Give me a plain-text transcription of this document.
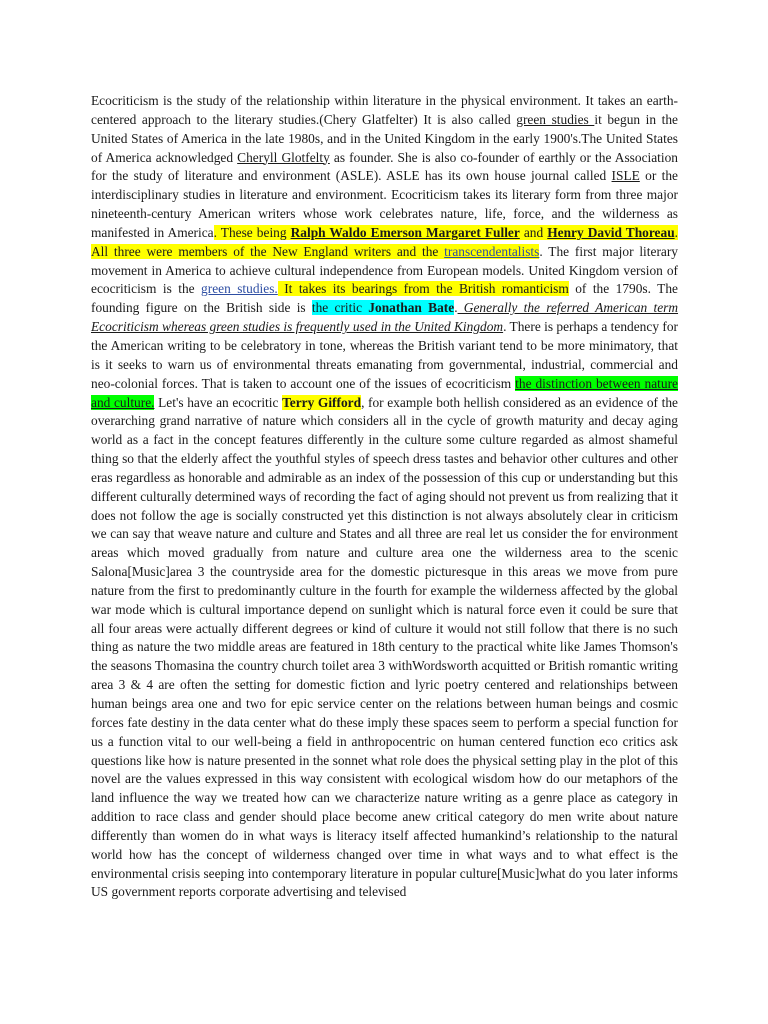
Ecocriticism is the study of the relationship within literature in the physical environment. It takes an earth-centered approach to the literary studies.(Chery Glatfelter) It is also called green studies it begun in the United States of America in the late 1980s, and in the United Kingdom in the early 1900's.The United States of America acknowledged Cheryll Glotfelty as founder. She is also co-founder of earthly or the Association for the study of literature and environment (ASLE). ASLE has its own house journal called ISLE or the interdisciplinary studies in literature and environment. Ecocriticism takes its literary form from three major nineteenth-century American writers whose work celebrates nature, life, force, and the wilderness as manifested in America. These being Ralph Waldo Emerson Margaret Fuller and Henry David Thoreau. All three were members of the New England writers and the transcendentalists. The first major literary movement in America to achieve cultural independence from European models. United Kingdom version of ecocriticism is the green studies. It takes its bearings from the British romanticism of the 1790s. The founding figure on the British side is the critic Jonathan Bate. Generally the referred American term Ecocriticism whereas green studies is frequently used in the United Kingdom. There is perhaps a tendency for the American writing to be celebratory in tone, whereas the British variant tend to be more minimatory, that is it seeks to warn us of environmental threats emanating from governmental, industrial, commercial and neo-colonial forces. That is taken to account one of the issues of ecocriticism the distinction between nature and culture. Let's have an ecocritic Terry Gifford, for example both hellish considered as an evidence of the overarching grand narrative of nature which considers all in the cycle of growth maturity and decay aging world as a fact in the concept features differently in the culture some culture regarded as almost shameful thing so that the elderly affect the youthful styles of speech dress tastes and behavior other cultures and other eras regardless as honorable and admirable as an index of the possession of this cup or understanding but this different culturally determined ways of recording the fact of aging should not prevent us from realizing that it does not follow the age is socially constructed yet this distinction is not always absolutely clear in criticism we can say that weave nature and culture and States and all three are real let us consider the for environment areas which moved gradually from nature and culture area one the wilderness area to the scenic Salona[Music]area 3 the countryside area for the domestic picturesque in this areas we move from pure nature from the first to predominantly culture in the fourth for example the wilderness affected by the global war mode which is cultural importance depend on sunlight which is natural force even it could be sure that all four areas were actually different degrees or kind of culture it would not still follow that there is no such thing as nature the two middle areas are featured in 18th century to the practical white like James Thomson's the seasons Thomasina the country church toilet area 3 withWordsworth acquitted or British romantic writing area 3 & 4 are often the setting for domestic fiction and lyric poetry centered and relationships between human beings area one and two for epic service center on the relations between human beings and cosmic forces fate destiny in the data center what do these imply these spaces seem to perform a special function for us a function vital to our well-being a field in anthropocentric on human centered function eco critics ask questions like how is nature presented in the sonnet what role does the physical setting play in the plot of this novel are the values expressed in this way consistent with ecological wisdom how do our metaphors of the land influence the way we treated how can we characterize nature writing as a genre place as category in addition to race class and gender should place become anew critical category do men write about nature differently than women do in what ways is literacy itself affected humankind’s relationship to the natural world how has the concept of wilderness changed over time in what ways and to what effect is the environmental crisis seeping into contemporary literature in popular culture[Music]what do you later informs US government reports corporate advertising and televised
